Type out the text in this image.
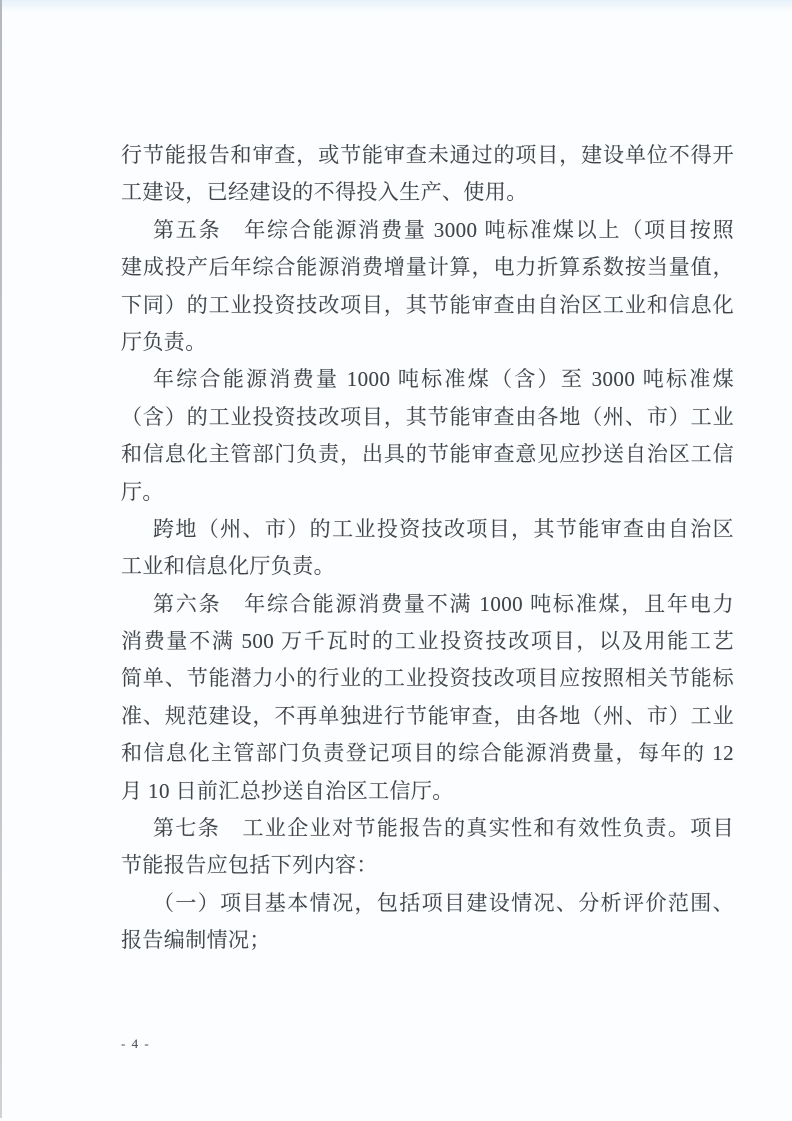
行节能报告和审查，或节能审查未通过的项目，建设单位不得开
工建设，已经建设的不得投入生产、使用。
第五条　年综合能源消费量 3000 吨标准煤以上（项目按照
建成投产后年综合能源消费增量计算，电力折算系数按当量值，
下同）的工业投资技改项目，其节能审查由自治区工业和信息化
厅负责。
年综合能源消费量 1000 吨标准煤（含）至 3000 吨标准煤
（含）的工业投资技改项目，其节能审查由各地（州、市）工业
和信息化主管部门负责，出具的节能审查意见应抄送自治区工信
厅。
跨地（州、市）的工业投资技改项目，其节能审查由自治区
工业和信息化厅负责。
第六条　年综合能源消费量不满 1000 吨标准煤，且年电力
消费量不满 500 万千瓦时的工业投资技改项目，以及用能工艺
简单、节能潜力小的行业的工业投资技改项目应按照相关节能标
准、规范建设，不再单独进行节能审查，由各地（州、市）工业
和信息化主管部门负责登记项目的综合能源消费量，每年的 12
月 10 日前汇总抄送自治区工信厅。
第七条　工业企业对节能报告的真实性和有效性负责。项目
节能报告应包括下列内容：
（一）项目基本情况，包括项目建设情况、分析评价范围、
报告编制情况；
- 4 -
